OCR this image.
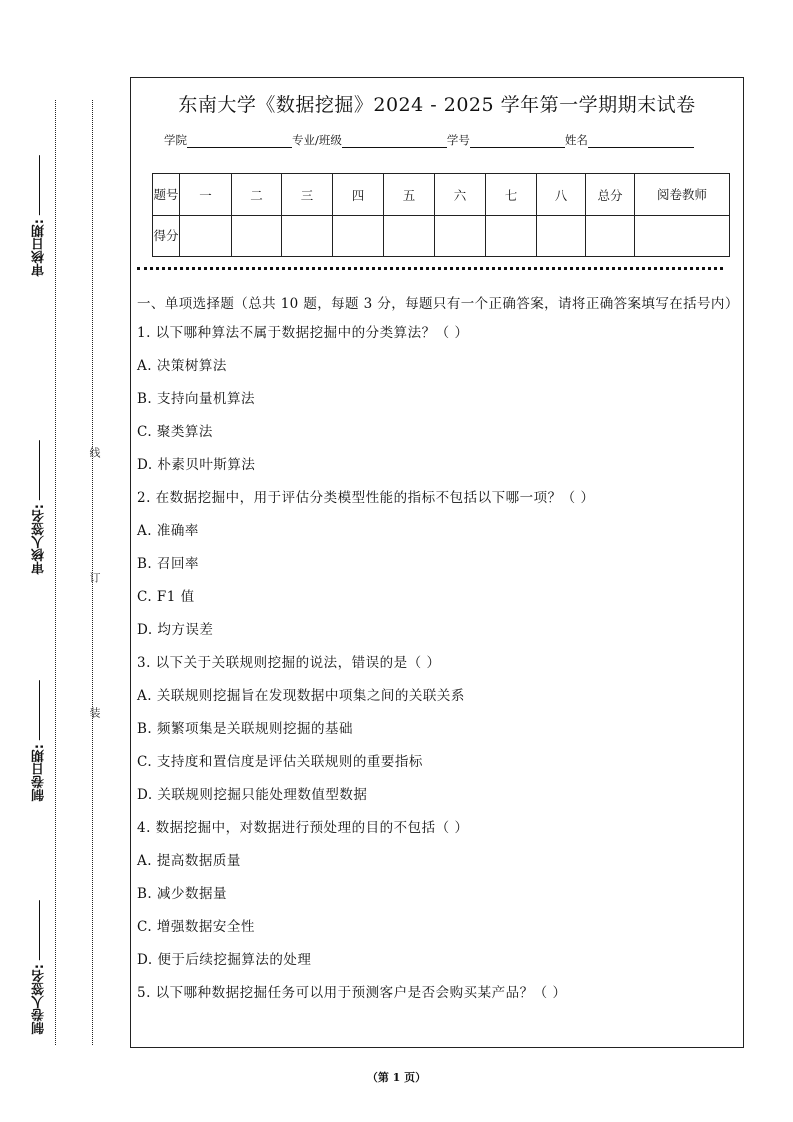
审核日期:
审核人签名:
制卷日期:
制卷人签名:
线
订
装
东南大学《数据挖掘》2024 - 2025 学年第一学期期末试卷
学院	专业/班级	学号	姓名
题号	一	二	三	四	五	六	七	八	总分	阅卷教师
得分										
一、单项选择题（总共 10 题，每题 3 分，每题只有一个正确答案，请将正确答案填写在括号内）
1. 以下哪种算法不属于数据挖掘中的分类算法？（ ）
A. 决策树算法
B. 支持向量机算法
C. 聚类算法
D. 朴素贝叶斯算法
2. 在数据挖掘中，用于评估分类模型性能的指标不包括以下哪一项？（ ）
A. 准确率
B. 召回率
C. F1 值
D. 均方误差
3. 以下关于关联规则挖掘的说法，错误的是（ ）
A. 关联规则挖掘旨在发现数据中项集之间的关联关系
B. 频繁项集是关联规则挖掘的基础
C. 支持度和置信度是评估关联规则的重要指标
D. 关联规则挖掘只能处理数值型数据
4. 数据挖掘中，对数据进行预处理的目的不包括（ ）
A. 提高数据质量
B. 减少数据量
C. 增强数据安全性
D. 便于后续挖掘算法的处理
5. 以下哪种数据挖掘任务可以用于预测客户是否会购买某产品？（ ）
（第 1 页）
